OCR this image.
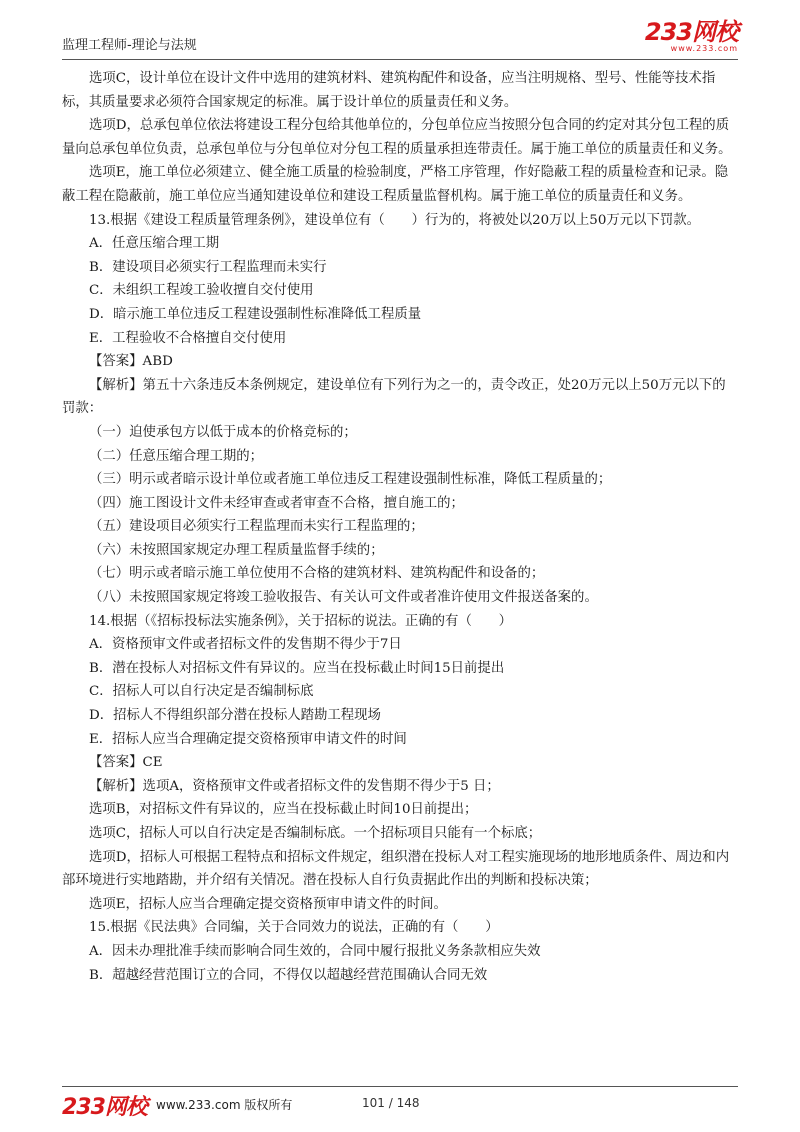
监理工程师-理论与法规	233网校
www.233.com

选项C，设计单位在设计文件中选用的建筑材料、建筑构配件和设备，应当注明规格、型号、性能等技术指标，其质量要求必须符合国家规定的标准。属于设计单位的质量责任和义务。

选项D，总承包单位依法将建设工程分包给其他单位的，分包单位应当按照分包合同的约定对其分包工程的质量向总承包单位负责，总承包单位与分包单位对分包工程的质量承担连带责任。属于施工单位的质量责任和义务。

选项E，施工单位必须建立、健全施工质量的检验制度，严格工序管理，作好隐蔽工程的质量检查和记录。隐蔽工程在隐蔽前，施工单位应当通知建设单位和建设工程质量监督机构。属于施工单位的质量责任和义务。

13.根据《建设工程质量管理条例》，建设单位有（　　）行为的，将被处以20万以上50万元以下罚款。

A．任意压缩合理工期

B．建设项目必须实行工程监理而未实行

C．未组织工程竣工验收擅自交付使用

D．暗示施工单位违反工程建设强制性标准降低工程质量

E．工程验收不合格擅自交付使用

【答案】ABD

【解析】第五十六条违反本条例规定，建设单位有下列行为之一的，责令改正，处20万元以上50万元以下的罚款：

（一）迫使承包方以低于成本的价格竞标的；

（二）任意压缩合理工期的；

（三）明示或者暗示设计单位或者施工单位违反工程建设强制性标准，降低工程质量的；

（四）施工图设计文件未经审查或者审查不合格，擅自施工的；

（五）建设项目必须实行工程监理而未实行工程监理的；

（六）未按照国家规定办理工程质量监督手续的；

（七）明示或者暗示施工单位使用不合格的建筑材料、建筑构配件和设备的；

（八）未按照国家规定将竣工验收报告、有关认可文件或者准许使用文件报送备案的。

14.根据（《招标投标法实施条例》，关于招标的说法。正确的有（　　）

A．资格预审文件或者招标文件的发售期不得少于7日

B．潜在投标人对招标文件有异议的。应当在投标截止时间15日前提出

C．招标人可以自行决定是否编制标底

D．招标人不得组织部分潜在投标人踏勘工程现场

E．招标人应当合理确定提交资格预审申请文件的时间

【答案】CE

【解析】选项A，资格预审文件或者招标文件的发售期不得少于5 日；

选项B，对招标文件有异议的，应当在投标截止时间10日前提出；

选项C，招标人可以自行决定是否编制标底。一个招标项目只能有一个标底；

选项D，招标人可根据工程特点和招标文件规定，组织潜在投标人对工程实施现场的地形地质条件、周边和内部环境进行实地踏勘，并介绍有关情况。潜在投标人自行负责据此作出的判断和投标决策；

选项E，招标人应当合理确定提交资格预审申请文件的时间。

15.根据《民法典》合同编，关于合同效力的说法，正确的有（　　）

A．因未办理批准手续而影响合同生效的，合同中履行报批义务条款相应失效

B．超越经营范围订立的合同，不得仅以超越经营范围确认合同无效

233网校 www.233.com 版权所有	101 / 148
